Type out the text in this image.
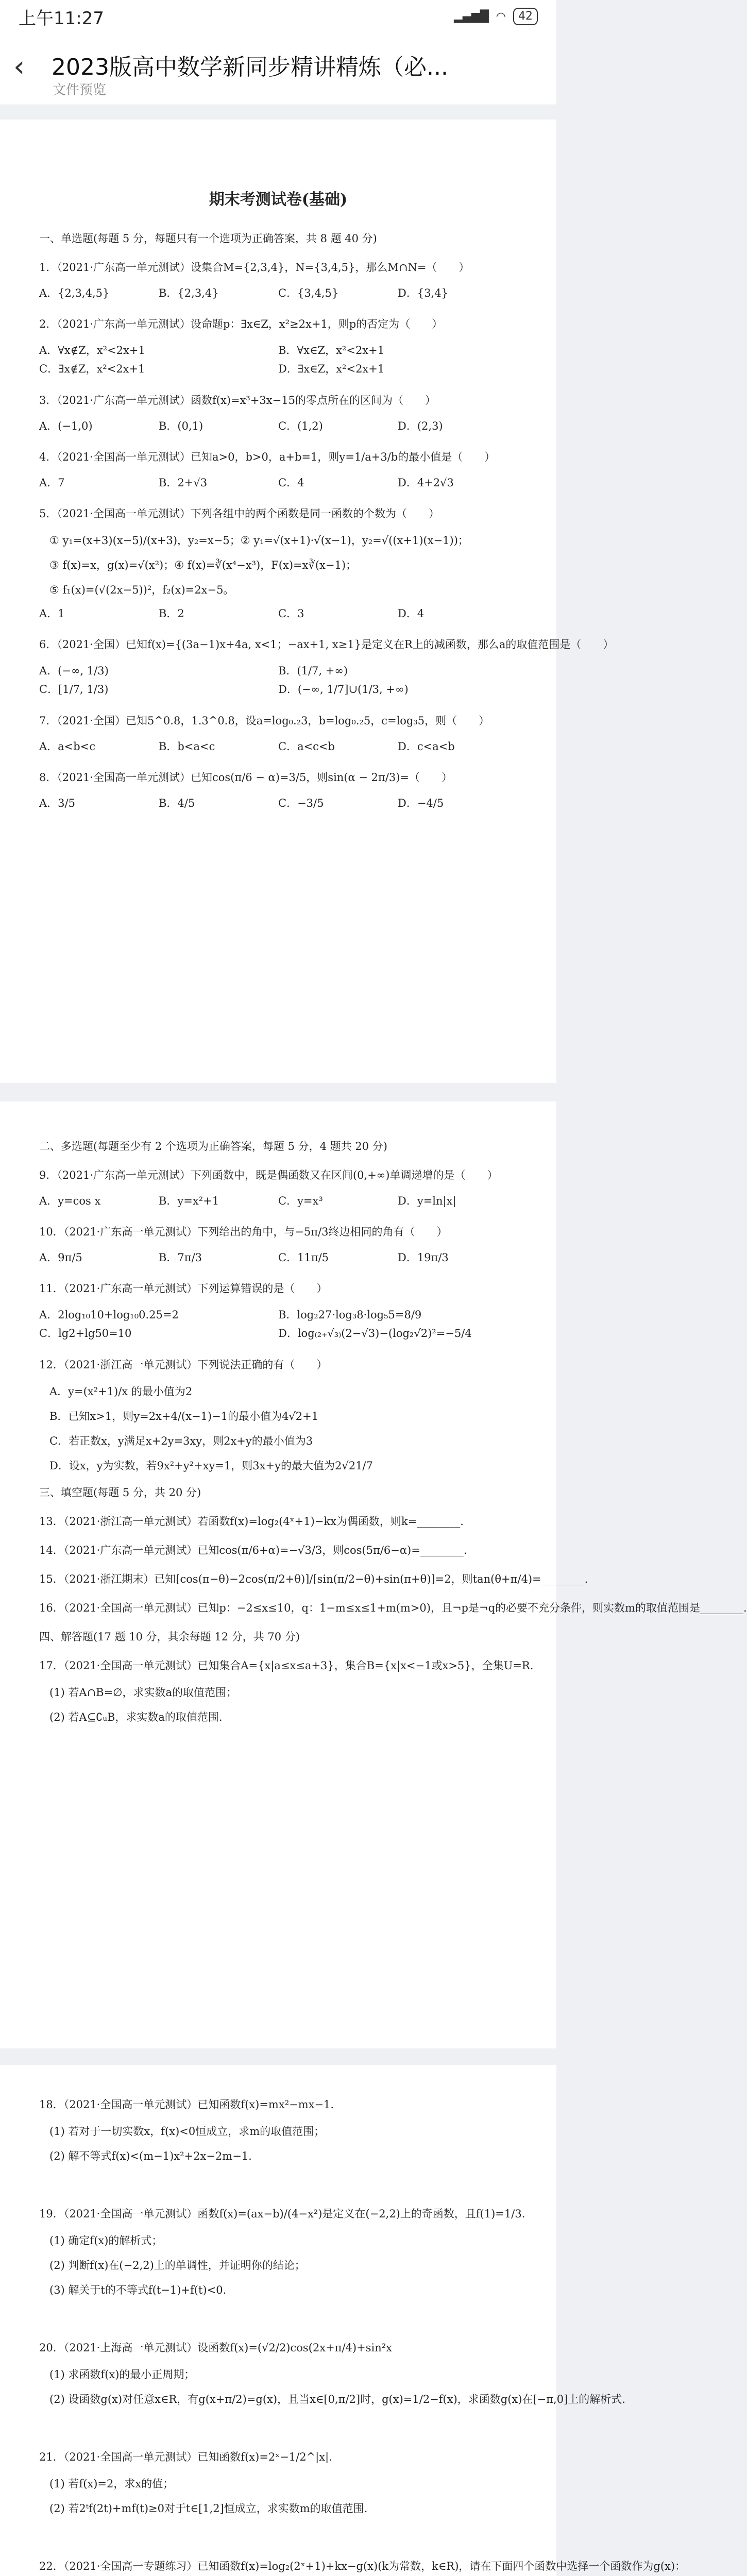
上午11:27	▂▄▆█ ◠	42
‹ 2023版高中数学新同步精讲精炼（必...
文件预览
期末考测试卷(基础)
一、单选题(每题 5 分，每题只有一个选项为正确答案，共 8 题 40 分)
1．（2021·广东高一单元测试）设集合M={2,3,4}，N={3,4,5}，那么M∩N=（　　）
A．{2,3,4,5}	B．{2,3,4}	C．{3,4,5}	D．{3,4}
2．（2021·广东高一单元测试）设命题p：∃x∈Z，x²≥2x+1，则p的否定为（　　）
A．∀x∉Z，x²<2x+1	B．∀x∈Z，x²<2x+1
C．∃x∉Z，x²<2x+1	D．∃x∈Z，x²<2x+1
3．（2021·广东高一单元测试）函数f(x)=x³+3x−15的零点所在的区间为（　　）
A．(−1,0)	B．(0,1)	C．(1,2)	D．(2,3)
4．（2021·全国高一单元测试）已知a>0，b>0，a+b=1，则y=1/a+3/b的最小值是（　　）
A．7	B．2+√3	C．4	D．4+2√3
5．（2021·全国高一单元测试）下列各组中的两个函数是同一函数的个数为（　　）
① y₁=(x+3)(x−5)/(x+3)，y₂=x−5；② y₁=√(x+1)·√(x−1)，y₂=√((x+1)(x−1))；
③ f(x)=x，g(x)=√(x²)；④ f(x)=∛(x⁴−x³)，F(x)=x∛(x−1)；
⑤ f₁(x)=(√(2x−5))²，f₂(x)=2x−5。
A．1	B．2	C．3	D．4
6．（2021·全国）已知f(x)={(3a−1)x+4a, x<1；−ax+1, x≥1}是定义在R上的减函数，那么a的取值范围是（　　）
A．(−∞, 1/3)	B．(1/7, +∞)
C．[1/7, 1/3)	D．(−∞, 1/7]∪(1/3, +∞)
7．（2021·全国）已知5^0.8，1.3^0.8，设a=log₀.₂3，b=log₀.₂5，c=log₃5，则（　　）
A．a<b<c	B．b<a<c	C．a<c<b	D．c<a<b
8．（2021·全国高一单元测试）已知cos(π/6 − α)=3/5，则sin(α − 2π/3)=（　　）
A．3/5	B．4/5	C．−3/5	D．−4/5
二、多选题(每题至少有 2 个选项为正确答案，每题 5 分，4 题共 20 分)
9．（2021·广东高一单元测试）下列函数中，既是偶函数又在区间(0,+∞)单调递增的是（　　）
A．y=cos x	B．y=x²+1	C．y=x³	D．y=ln|x|
10．（2021·广东高一单元测试）下列给出的角中，与−5π/3终边相同的角有（　　）
A．9π/5	B．7π/3	C．11π/5	D．19π/3
11．（2021·广东高一单元测试）下列运算错误的是（　　）
A．2log₁₀10+log₁₀0.25=2	B．log₂27·log₃8·log₅5=8/9
C．lg2+lg50=10	D．log₍₂₊√₃₎(2−√3)−(log₂√2)²=−5/4
12．（2021·浙江高一单元测试）下列说法正确的有（　　）
A．y=(x²+1)/x 的最小值为2
B．已知x>1，则y=2x+4/(x−1)−1的最小值为4√2+1
C．若正数x，y满足x+2y=3xy，则2x+y的最小值为3
D．设x，y为实数，若9x²+y²+xy=1，则3x+y的最大值为2√21/7
三、填空题(每题 5 分，共 20 分)
13．（2021·浙江高一单元测试）若函数f(x)=log₂(4ˣ+1)−kx为偶函数，则k=________.
14．（2021·广东高一单元测试）已知cos(π/6+α)=−√3/3，则cos(5π/6−α)=________.
15．（2021·浙江期末）已知[cos(π−θ)−2cos(π/2+θ)]/[sin(π/2−θ)+sin(π+θ)]=2，则tan(θ+π/4)=________.
16．（2021·全国高一单元测试）已知p：−2≤x≤10，q：1−m≤x≤1+m(m>0)，且¬p是¬q的必要不充分条件，则实数m的取值范围是________.
四、解答题(17 题 10 分，其余每题 12 分，共 70 分)
17．（2021·全国高一单元测试）已知集合A={x|a≤x≤a+3}，集合B={x|x<−1或x>5}，全集U=R.
(1) 若A∩B=∅，求实数a的取值范围；
(2) 若A⊆∁ᵤB，求实数a的取值范围.
18．（2021·全国高一单元测试）已知函数f(x)=mx²−mx−1.
(1) 若对于一切实数x，f(x)<0恒成立，求m的取值范围；
(2) 解不等式f(x)<(m−1)x²+2x−2m−1.
19．（2021·全国高一单元测试）函数f(x)=(ax−b)/(4−x²)是定义在(−2,2)上的奇函数，且f(1)=1/3.
(1) 确定f(x)的解析式；
(2) 判断f(x)在(−2,2)上的单调性，并证明你的结论；
(3) 解关于t的不等式f(t−1)+f(t)<0.
20．（2021·上海高一单元测试）设函数f(x)=(√2/2)cos(2x+π/4)+sin²x
(1) 求函数f(x)的最小正周期；
(2) 设函数g(x)对任意x∈R，有g(x+π/2)=g(x)，且当x∈[0,π/2]时，g(x)=1/2−f(x)，求函数g(x)在[−π,0]上的解析式.
21．（2021·全国高一单元测试）已知函数f(x)=2ˣ−1/2^|x|.
(1) 若f(x)=2，求x的值；
(2) 若2ᵗf(2t)+mf(t)≥0对于t∈[1,2]恒成立，求实数m的取值范围.
22．（2021·全国高一专题练习）已知函数f(x)=log₂(2ˣ+1)+kx−g(x)(k为常数，k∈R)，请在下面四个函数中选择一个函数作为g(x)：
